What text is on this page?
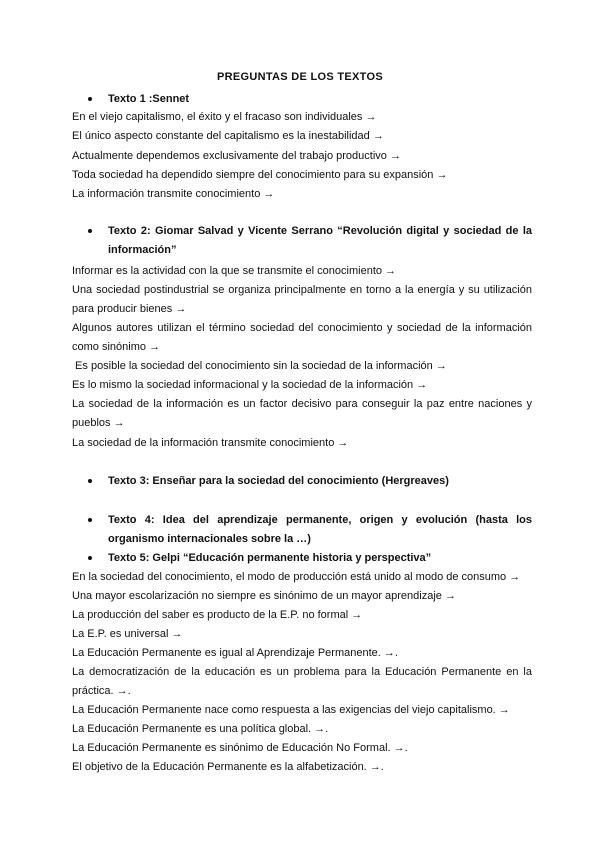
PREGUNTAS DE LOS TEXTOS
Texto 1 :Sennet
En el viejo capitalismo, el éxito y el fracaso son individuales →
El único aspecto constante del capitalismo es la inestabilidad →
Actualmente dependemos exclusivamente del trabajo productivo →
Toda sociedad ha dependido siempre del conocimiento para su expansión →
La información transmite conocimiento →
Texto 2: Giomar Salvad y Vicente Serrano “Revolución digital y sociedad de la información”
Informar es la actividad con la que se transmite el conocimiento →
Una sociedad postindustrial se organiza principalmente en torno a la energía y su utilización para producir bienes →
Algunos autores utilizan el término sociedad del conocimiento y sociedad de la información como sinónimo →
Es posible la sociedad del conocimiento sin la sociedad de la información →
Es lo mismo la sociedad informacional y la sociedad de la información →
La sociedad de la información es un factor decisivo para conseguir la paz entre naciones y pueblos →
La sociedad de la información transmite conocimiento →
Texto 3: Enseñar para la sociedad del conocimiento (Hergreaves)
Texto 4: Idea del aprendizaje permanente, origen y evolución (hasta los organismo internacionales sobre la …)
Texto 5: Gelpi “Educación permanente historia y perspectiva”
En la sociedad del conocimiento, el modo de producción está unido al modo de consumo →
Una mayor escolarización no siempre es sinónimo de un mayor aprendizaje →
La producción del saber es producto de la E.P. no formal →
La E.P. es universal →
La Educación Permanente es igual al Aprendizaje Permanente. →.
La democratización de la educación es un problema para la Educación Permanente en la práctica. →.
La Educación Permanente nace como respuesta a las exigencias del viejo capitalismo. →
La Educación Permanente es una política global. →.
La Educación Permanente es sinónimo de Educación No Formal. →.
El objetivo de la Educación Permanente es la alfabetización. →.
